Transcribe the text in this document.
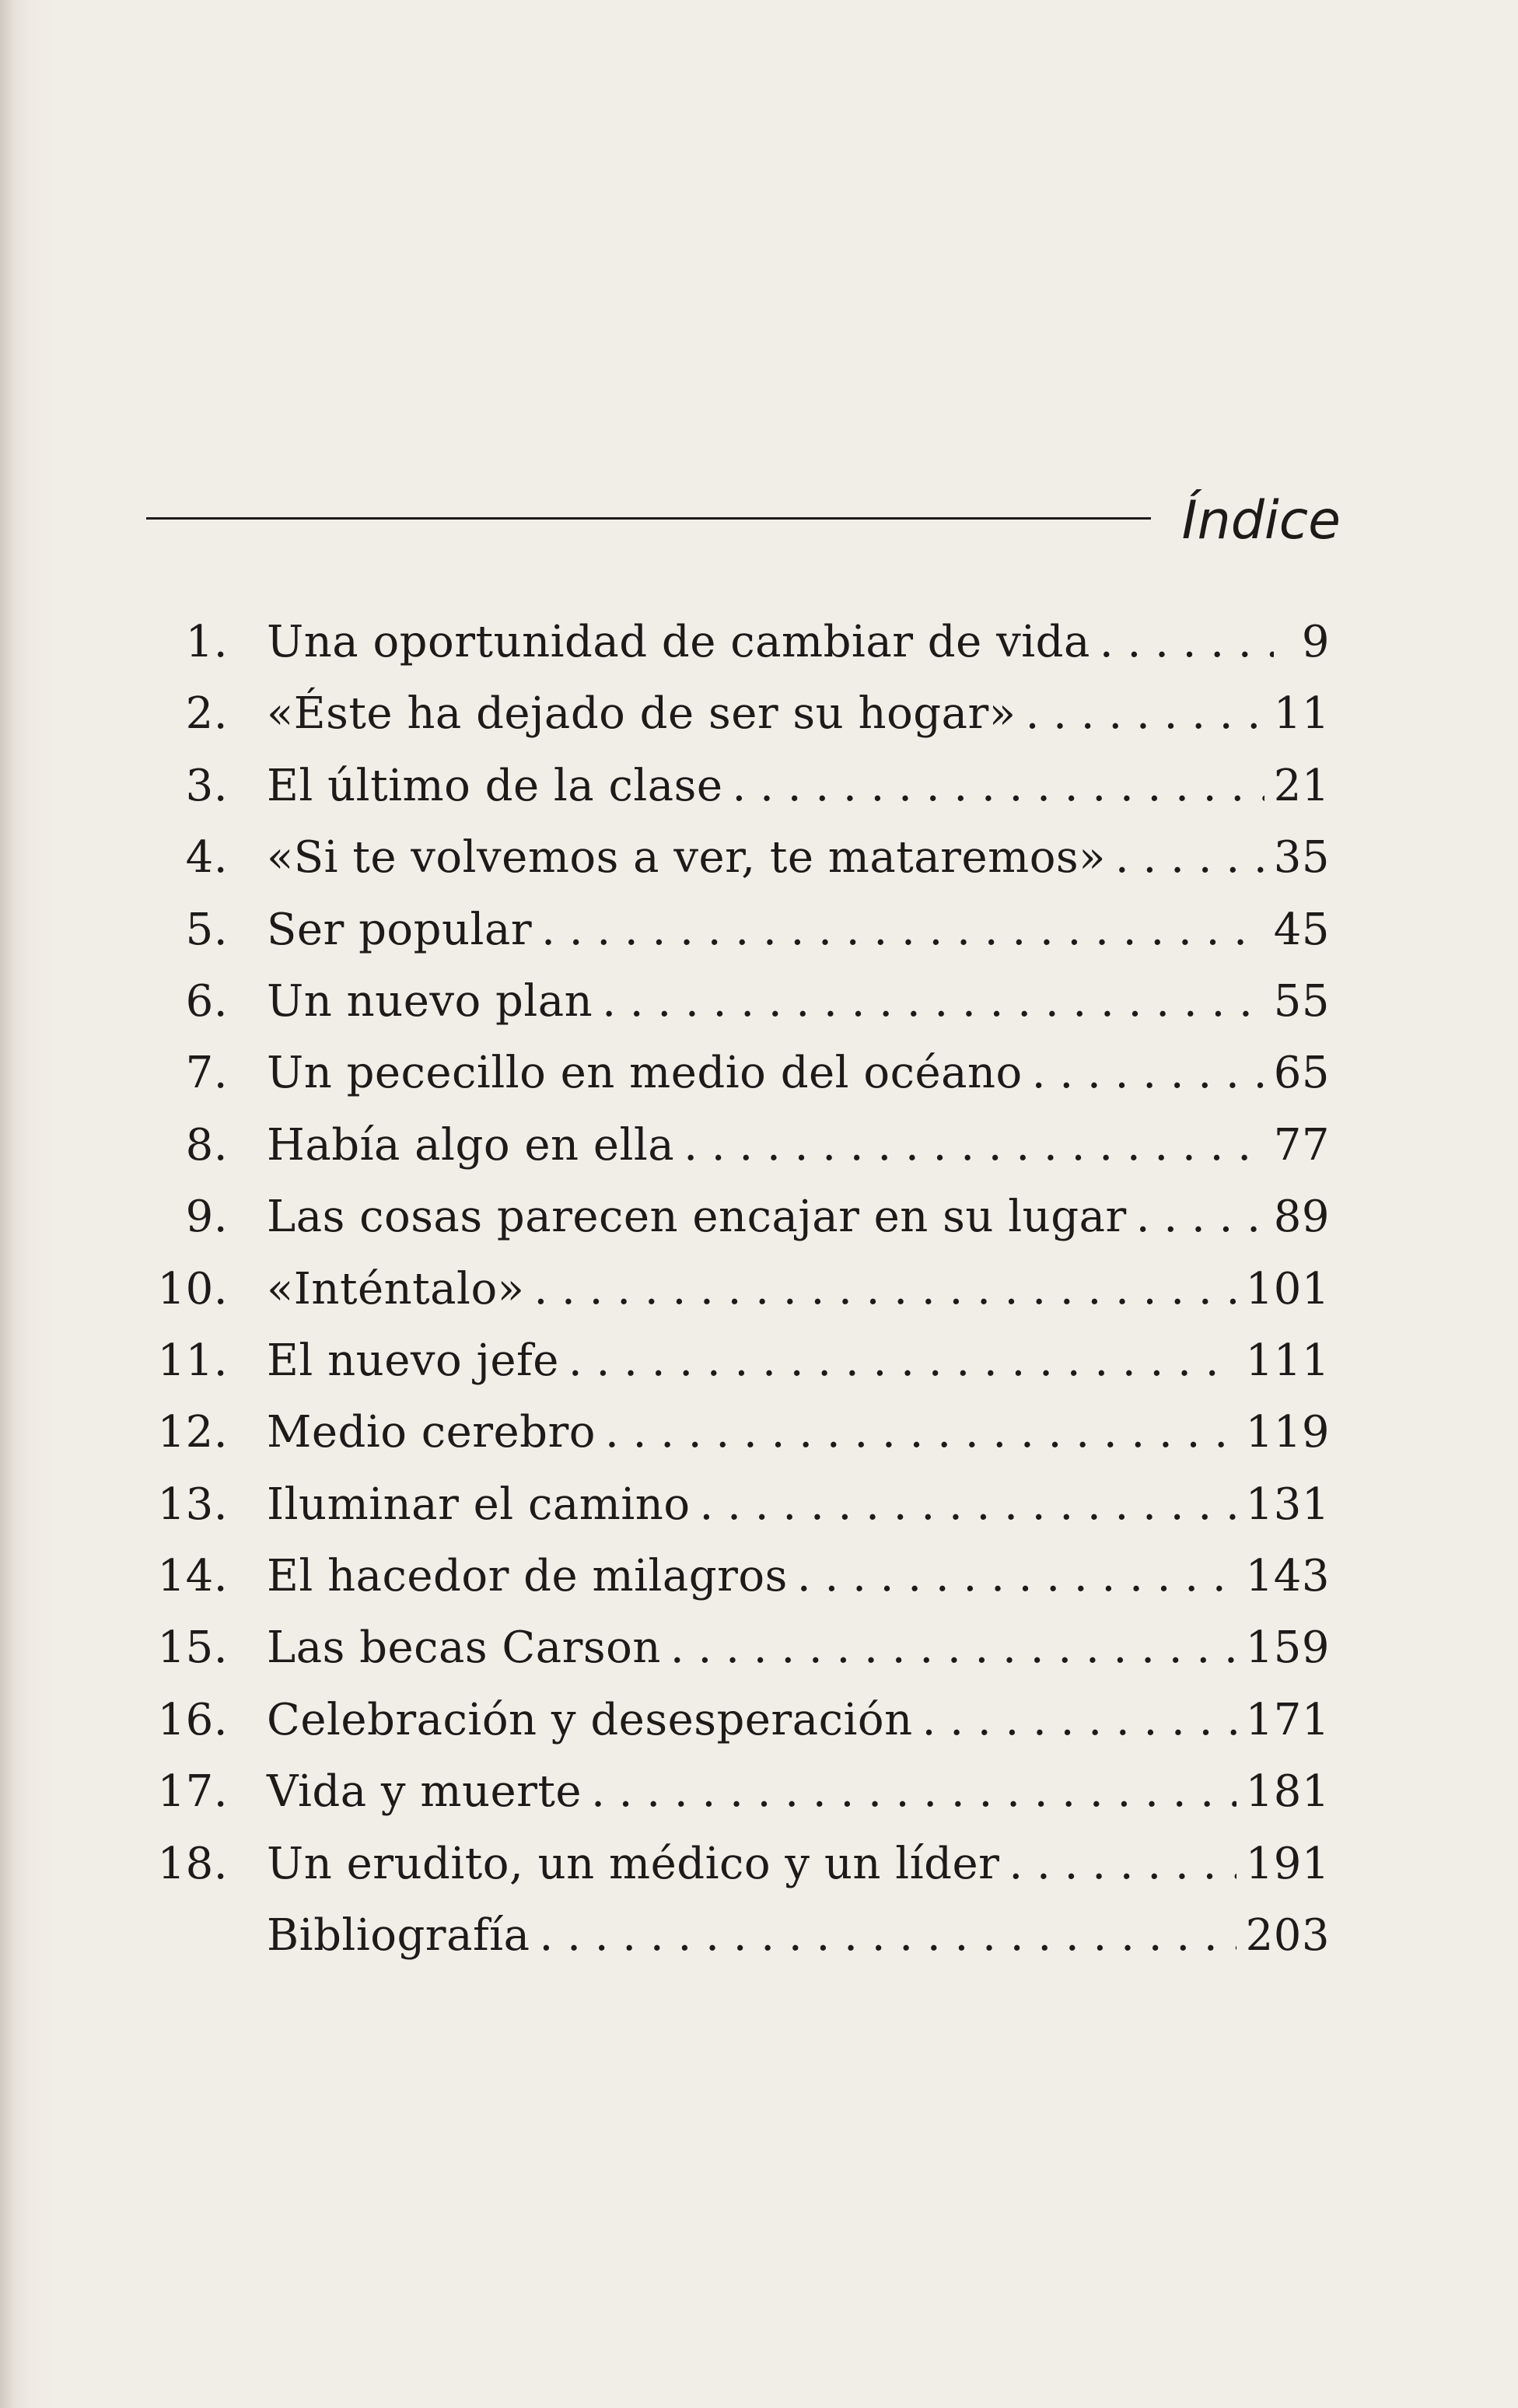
Índice
1. Una oportunidad de cambiar de vida . . .	9
2. «Éste ha dejado de ser su hogar» . . .	11
3. El último de la clase . . .	21
4. «Si te volvemos a ver, te mataremos» . . .	35
5. Ser popular . . .	45
6. Un nuevo plan . . .	55
7. Un pececillo en medio del océano . . .	65
8. Había algo en ella . . .	77
9. Las cosas parecen encajar en su lugar . . .	89
10. «Inténtalo» . . .	101
11. El nuevo jefe . . .	111
12. Medio cerebro . . .	119
13. Iluminar el camino . . .	131
14. El hacedor de milagros . . .	143
15. Las becas Carson . . .	159
16. Celebración y desesperación . . .	171
17. Vida y muerte . . .	181
18. Un erudito, un médico y un líder . . .	191
Bibliografía . . .	203
